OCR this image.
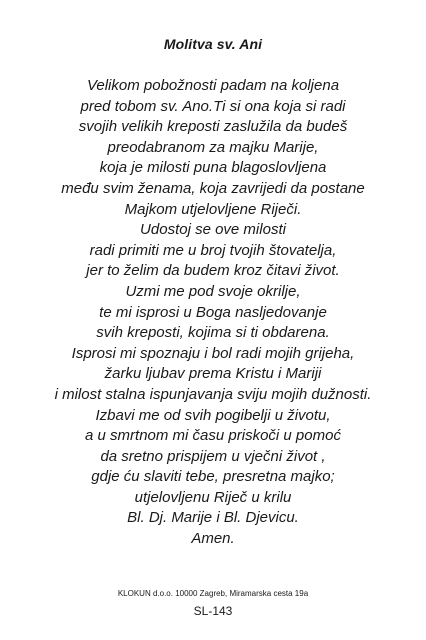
Molitva sv. Ani
Velikom pobožnosti padam na koljena
pred tobom sv. Ano.Ti si ona koja si radi
svojih velikih kreposti zaslužila da budeš
preodabranom za majku Marije,
koja je milosti puna blagoslovljena
među svim ženama, koja zavrijedi da postane
Majkom utjelovljene Riječi.
Udostoj se ove milosti
radi primiti me u broj tvojih štovatelja,
jer to želim da budem kroz čitavi život.
Uzmi me pod svoje okrilje,
te mi isprosi u Boga nasljedovanje
svih kreposti, kojima si ti obdarena.
Isprosi mi spoznaju i bol radi mojih grijeha,
žarku ljubav prema Kristu i Mariji
i milost stalna ispunjavanja sviju mojih dužnosti.
Izbavi me od svih pogibelji u životu,
a u smrtnom mi času priskoči u pomoć
da sretno prispijem u vječni život ,
gdje ću slaviti tebe, presretna majko;
utjelovljenu Riječ u krilu
Bl. Dj. Marije i Bl. Djevicu.
Amen.
KLOKUN d.o.o. 10000 Zagreb, Miramarska cesta 19a
SL-143
